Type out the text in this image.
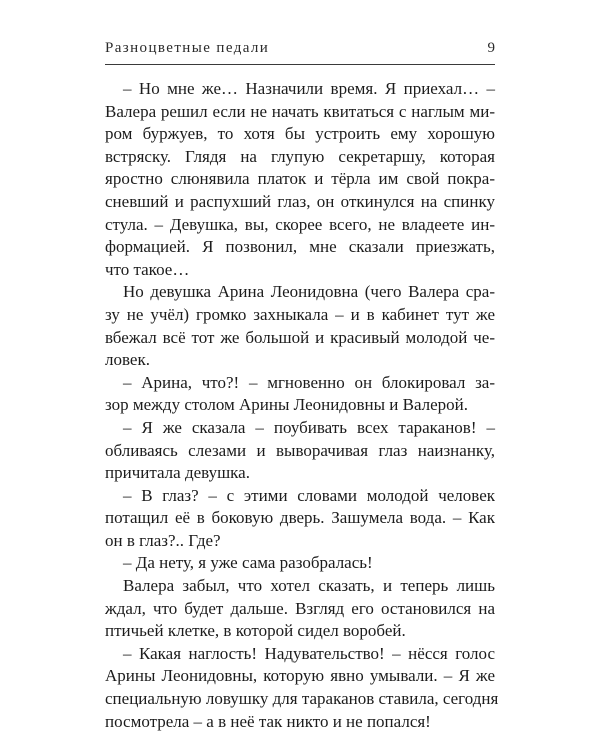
Разноцветные педали	9
– Но мне же… Назначили время. Я приехал… –
Валера решил если не начать квитаться с наглым ми-
ром буржуев, то хотя бы устроить ему хорошую
встряску. Глядя на глупую секретаршу, которая
яростно слюнявила платок и тёрла им свой покра-
сневший и распухший глаз, он откинулся на спинку
стула. – Девушка, вы, скорее всего, не владеете ин-
формацией. Я позвонил, мне сказали приезжать,
что такое…
Но девушка Арина Леонидовна (чего Валера сра-
зу не учёл) громко захныкала – и в кабинет тут же
вбежал всё тот же большой и красивый молодой че-
ловек.
– Арина, что?! – мгновенно он блокировал за-
зор между столом Арины Леонидовны и Валерой.
– Я же сказала – поубивать всех тараканов! –
обливаясь слезами и выворачивая глаз наизнанку,
причитала девушка.
– В глаз? – с этими словами молодой человек
потащил её в боковую дверь. Зашумела вода. – Как
он в глаз?.. Где?
– Да нету, я уже сама разобралась!
Валера забыл, что хотел сказать, и теперь лишь
ждал, что будет дальше. Взгляд его остановился на
птичьей клетке, в которой сидел воробей.
– Какая наглость! Надувательство! – нёсся голос
Арины Леонидовны, которую явно умывали. – Я же
специальную ловушку для тараканов ставила, сегодня
посмотрела – а в неё так никто и не попался!
